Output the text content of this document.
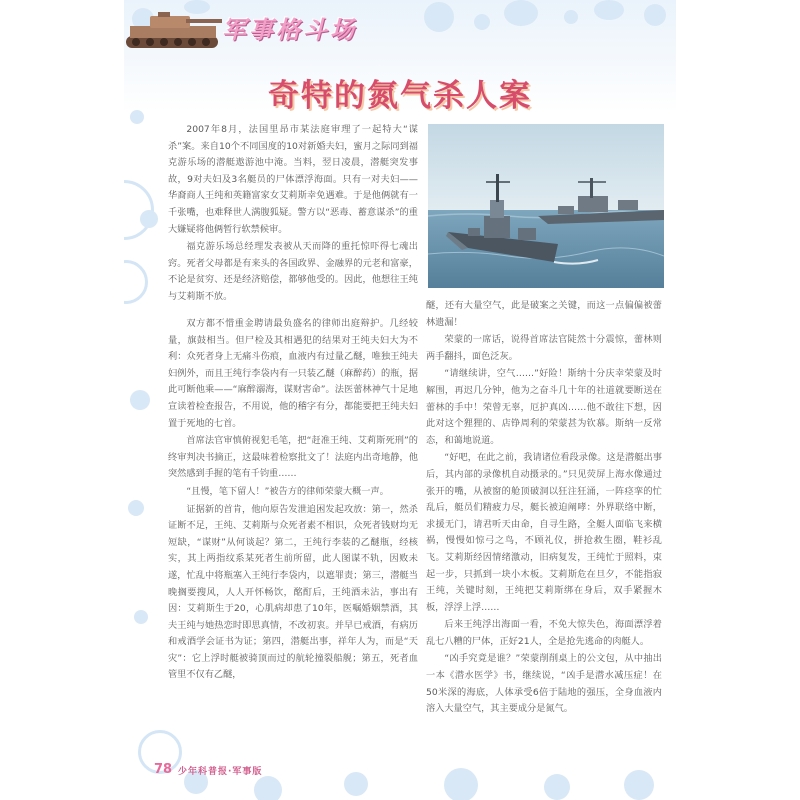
军事格斗场
奇特的氮气杀人案

2007年8月，法国里昂市某法庭审理了一起特大“谋杀”案。来自10个不同国度的10对新婚夫妇，蜜月之际同到福克游乐场的潜艇遨游池中淹。当料，翌日凌晨，潜艇突发事故，9对夫妇及3名艇员的尸体漂浮海面。只有一对夫妇——华裔商人王纯和英籍富家女艾莉斯幸免遇难。于是他俩就有一千张嘴，也难释世人满腹狐疑。警方以“恶毒、蓄意谋杀”的重大嫌疑将他俩暂行软禁候审。

福克游乐场总经理发表被从天而降的重托惊吓得七魂出窍。死者父母都是有来头的各国政界、金融界的元老和富豪，不论是贫穷、还是经济赔偿，都够他受的。因此，他想往王纯与艾莉斯不放。

双方都不惜重金聘请最负盛名的律师出庭辩护。几经较量，旗鼓相当。但尸检及其相遇犯的结果对王纯夫妇大为不利：众死者身上无痛斗伤痕，血液内有过量乙醚，唯独王纯夫妇例外，而且王纯行李袋内有一只装乙醚（麻醉药）的瓶，据此可断他乘——“麻醉溺海，谋财害命”。法医蕾林神气十足地宣读着检查报告，不用说，他的稽字有分，都能要把王纯夫妇置于死地的七首。

首席法官审慎俯视犯毛笔，把“赶准王纯、艾莉斯死刑”的终审判决书摘正，这最味着检察批文了！法庭内出奇地静，他突然感到手握的笔有千钧重……

“且慢，笔下留人！”被告方的律师荣蒙大概一声。

证据新的首肯，他向原告发泄追困发起攻放：第一，然杀证断不足，王纯、艾莉斯与众死者素不相识，众死者钱财均无短缺，“谋财”从何谈起？第二，王纯行李装的乙醚瓶，经核实，其上两指纹系某死者生前所留，此人图谋不轨，因败未遂，忙乱中将瓶塞入王纯行李袋内，以遮罪责；第三，潜艇当晚搁要搜风，人人开怀畅饮，酩酊后，王纯酒未沾，事出有因：艾莉斯生于20，心肌病却患了10年，医嘱婚姻禁酒，其夫王纯与她热恋时即思真情，不改初衷。并早已戒酒，有病历和戒酒学会证书为证；第四，潜艇出事，祥年人为，而是“天灾”：它上浮时艇被骑顶而过的航轮撞裂船舰；第五，死者血管里不仅有乙醚，

醚，还有大量空气，此是破案之关键，而这一点偏偏被蕾林遗漏！

荣蒙的一席话，说得首席法官陡然十分震惊，蕾林则两手翻抖，面色泛灰。

“请继续讲，空气……”好险！斯纳十分庆幸荣蒙及时解围，再迟几分钟，他为之奋斗几十年的社道就要断送在蕾林的手中！荣曾无辜，厄护真凶……他不敢往下想，因此对这个狸狸的、店铮周利的荣蒙甚为钦慕。斯纳一反常态，和蔼地说道。

“好吧，在此之前，我请诸位看段录像。这是潜艇出事后，其内部的录像机自动摄录的。”只见荧屏上海水像通过张开的嘴，从被窗的舱顶破洞以狂注狂涌，一阵痉挛的忙乱后，艇员们精疲力尽，艇长被迫阐哮：外界联络中断，求援无门，请君听天由命，自寻生路，全艇人面临飞来横祸，慢慢如惊弓之鸟，不顾礼仪，拼抢救生圈，鞋衫乱飞。艾莉斯经因情绪激动，旧病复发，王纯忙于照料，束起一步，只抓到一块小木板。艾莉斯危在旦夕，不能指寂王纯，关键时刻，王纯把艾莉斯绑在身后，双手紧握木板，浮浮上浮……

后来王纯浮出海面一看，不免大惊失色，海面漂浮着乱七八糟的尸体，正好21人，全是抢先逃命的肉艇人。

“凶手究竟是谁？”荣蒙削削桌上的公文包，从中抽出一本《潜水医学》书，继续说，“凶手是潜水减压症！在50米深的海底，人体承受6倍于陆地的强压，全身血液内溶入大量空气，其主要成分是氮气。

78 少年科普报·军事版
